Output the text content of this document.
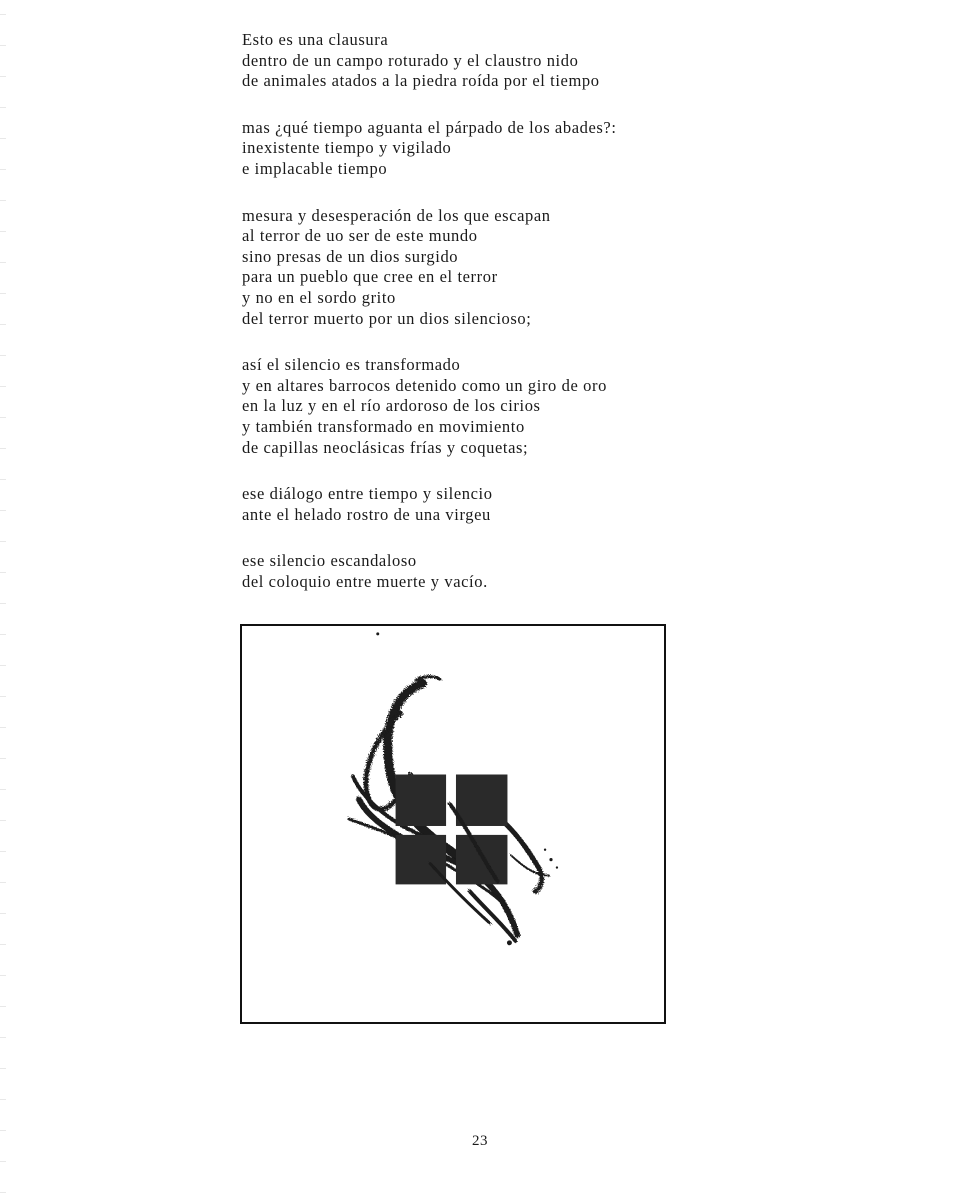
Esto es una clausura
dentro de un campo roturado y el claustro nido
de animales atados a la piedra roída por el tiempo
mas ¿qué tiempo aguanta el párpado de los abades?:
inexistente tiempo y vigilado
e implacable tiempo
mesura y desesperación de los que escapan
al terror de uo ser de este mundo
sino presas de un dios surgido
para un pueblo que cree en el terror
y no en el sordo grito
del terror muerto por un dios silencioso;
así el silencio es transformado
y en altares barrocos detenido como un giro de oro
en la luz y en el río ardoroso de los cirios
y también transformado en movimiento
de capillas neoclásicas frías y coquetas;
ese diálogo entre tiempo y silencio
ante el helado rostro de una virgeu
ese silencio escandaloso
del coloquio entre muerte y vacío.
23
